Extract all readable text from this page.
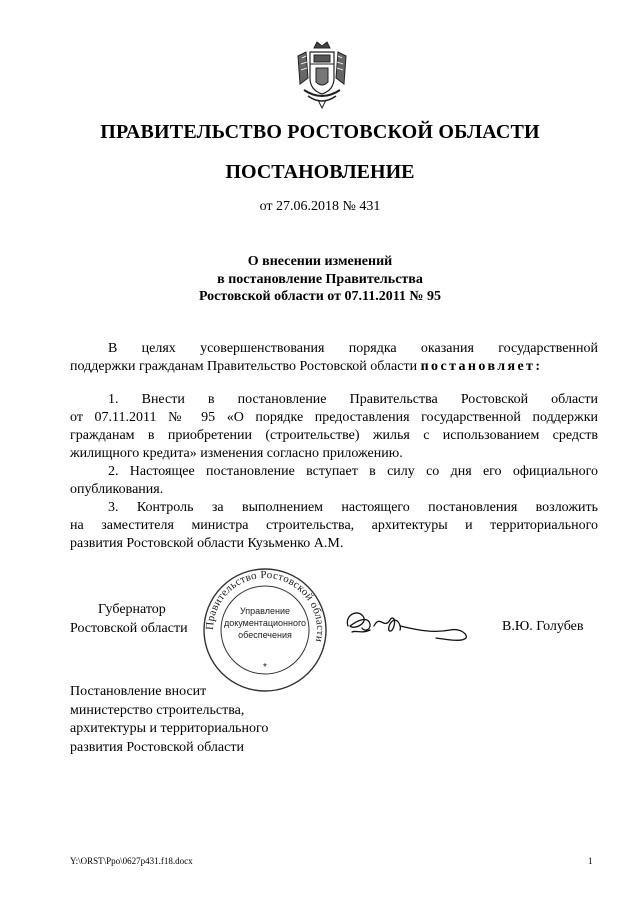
ПРАВИТЕЛЬСТВО РОСТОВСКОЙ ОБЛАСТИ
ПОСТАНОВЛЕНИЕ
от 27.06.2018 № 431
О внесении изменений
в постановление Правительства
Ростовской области от 07.11.2011 № 95
В целях усовершенствования порядка оказания государственной
поддержки гражданам Правительство Ростовской области постановляет:
1. Внести в постановление Правительства Ростовской области
от 07.11.2011 № 95 «О порядке предоставления государственной поддержки
гражданам в приобретении (строительстве) жилья с использованием средств
жилищного кредита» изменения согласно приложению.
2. Настоящее постановление вступает в силу со дня его официального
опубликования.
3. Контроль за выполнением настоящего постановления возложить
на заместителя министра строительства, архитектуры и территориального
развития Ростовской области Кузьменко А.М.
Правительство Ростовской области
Управление
документационного
обеспечения
*
Губернатор
Ростовской области	В.Ю. Голубев
Постановление вносит
министерство строительства,
архитектуры и территориального
развития Ростовской области
Y:\ORST\Ppo\0627p431.f18.docx	1
